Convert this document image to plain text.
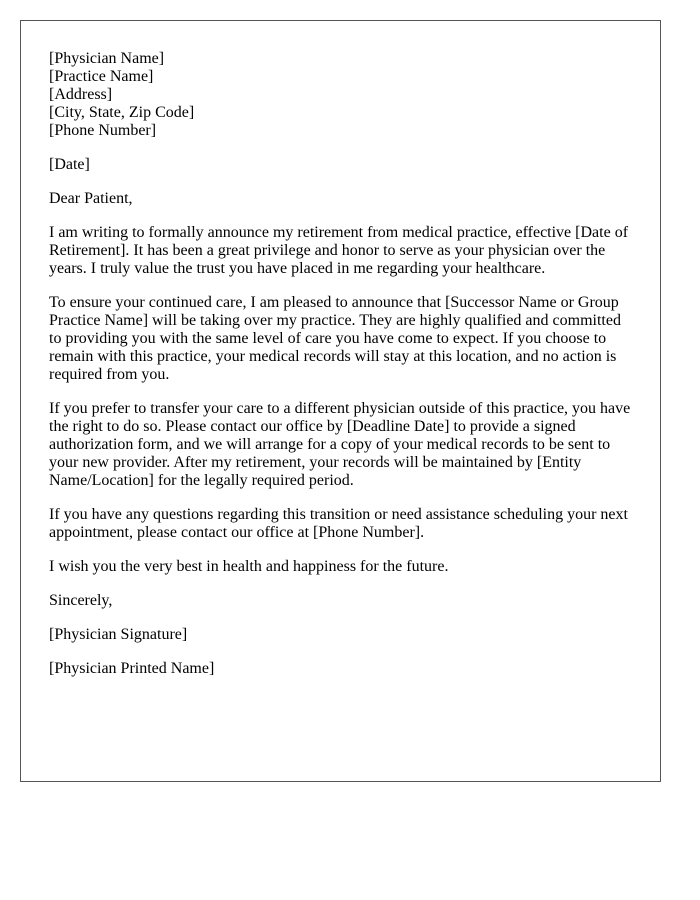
[Physician Name]
[Practice Name]
[Address]
[City, State, Zip Code]
[Phone Number]

[Date]

Dear Patient,

I am writing to formally announce my retirement from medical practice, effective [Date of Retirement]. It has been a great privilege and honor to serve as your physician over the years. I truly value the trust you have placed in me regarding your healthcare.

To ensure your continued care, I am pleased to announce that [Successor Name or Group Practice Name] will be taking over my practice. They are highly qualified and committed to providing you with the same level of care you have come to expect. If you choose to remain with this practice, your medical records will stay at this location, and no action is required from you.

If you prefer to transfer your care to a different physician outside of this practice, you have the right to do so. Please contact our office by [Deadline Date] to provide a signed authorization form, and we will arrange for a copy of your medical records to be sent to your new provider. After my retirement, your records will be maintained by [Entity Name/Location] for the legally required period.

If you have any questions regarding this transition or need assistance scheduling your next appointment, please contact our office at [Phone Number].

I wish you the very best in health and happiness for the future.

Sincerely,

[Physician Signature]

[Physician Printed Name]
